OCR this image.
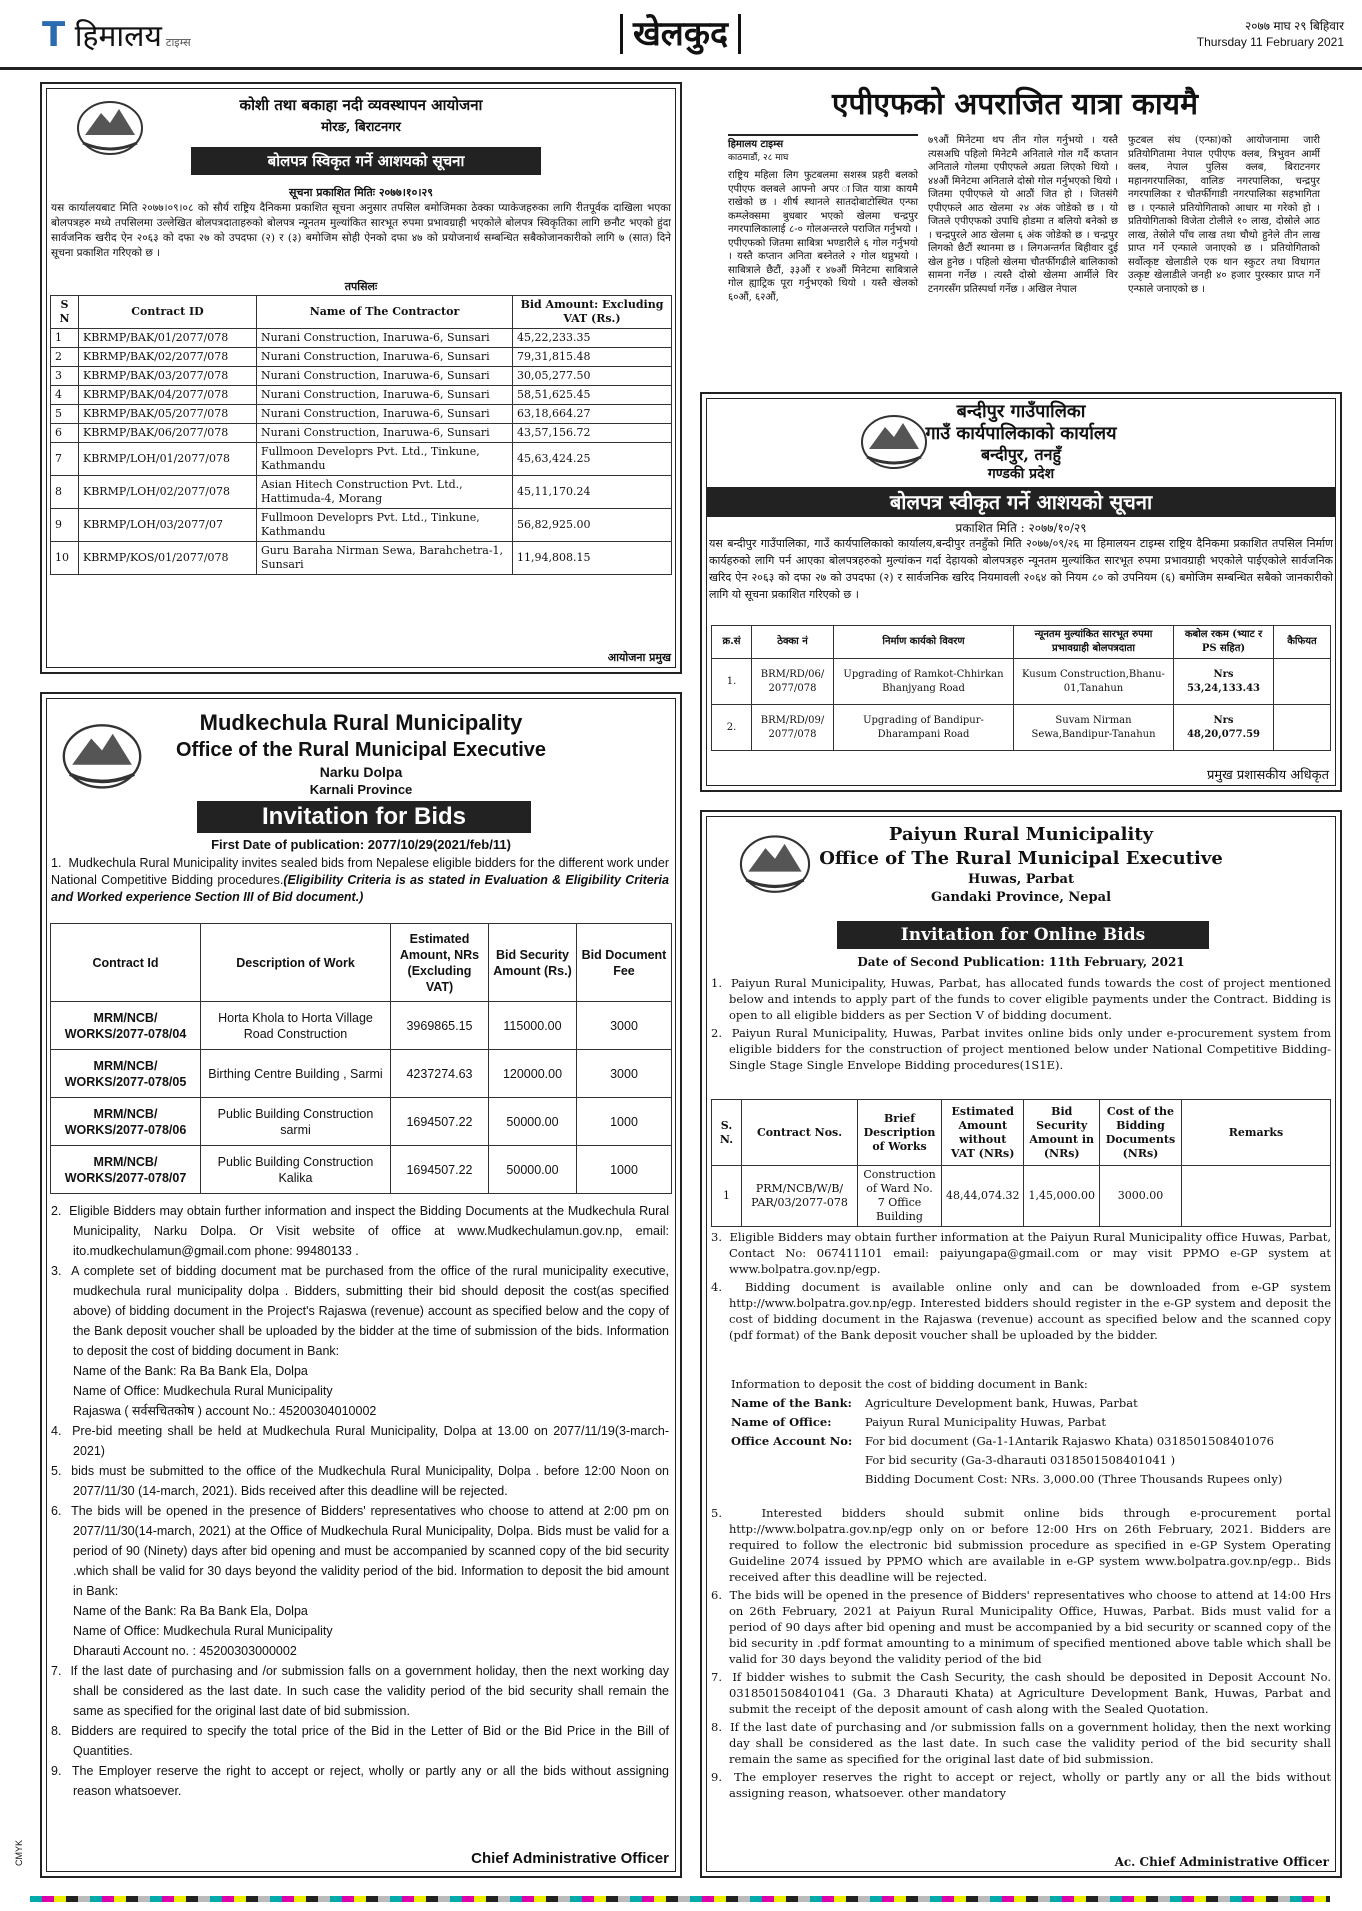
T हिमालय टाइम्स	खेलकुद	२०७७ माघ २९ बिहिवार
Thursday 11 February 2021
कोशी तथा बकाहा नदी व्यवस्थापन आयोजना
मोरङ, बिराटनगर
बोलपत्र स्विकृत गर्ने आशयको सूचना
सूचना प्रकाशित मितिः २०७७।१०।२९
यस कार्यालयबाट मिति २०७७।०९।०८ को सौर्य राष्ट्रिय दैनिकमा प्रकाशित सूचना अनुसार तपसिल बमोजिमका ठेक्का प्याकेजहरुका लागि रीतपूर्वक दाखिला भएका बोलपत्रहरु मध्ये तपसिलमा उल्लेखित बोलपत्रदाताहरुको बोलपत्र न्यूनतम मुल्यांकित सारभूत रुपमा प्रभावग्राही भएकोले बोलपत्र स्विकृतिका लागि छनौट भएको हुंदा सार्वजनिक खरीद ऐन २०६३ को दफा २७ को उपदफा (२) र (३) बमोजिम सोही ऐनको दफा ४७ को प्रयोजनार्थ सम्बन्धित सबैकोजानकारीको लागि ७ (सात) दिने सूचना प्रकाशित गरिएको छ ।
तपसिलः
S N	Contract ID	Name of The Contractor	Bid Amount: Excluding VAT (Rs.)
1	KBRMP/BAK/01/2077/078	Nurani Construction, Inaruwa-6, Sunsari	45,22,233.35
2	KBRMP/BAK/02/2077/078	Nurani Construction, Inaruwa-6, Sunsari	79,31,815.48
3	KBRMP/BAK/03/2077/078	Nurani Construction, Inaruwa-6, Sunsari	30,05,277.50
4	KBRMP/BAK/04/2077/078	Nurani Construction, Inaruwa-6, Sunsari	58,51,625.45
5	KBRMP/BAK/05/2077/078	Nurani Construction, Inaruwa-6, Sunsari	63,18,664.27
6	KBRMP/BAK/06/2077/078	Nurani Construction, Inaruwa-6, Sunsari	43,57,156.72
7	KBRMP/LOH/01/2077/078	Fullmoon Developrs Pvt. Ltd., Tinkune, Kathmandu	45,63,424.25
8	KBRMP/LOH/02/2077/078	Asian Hitech Construction Pvt. Ltd., Hattimuda-4, Morang	45,11,170.24
9	KBRMP/LOH/03/2077/07	Fullmoon Developrs Pvt. Ltd., Tinkune, Kathmandu	56,82,925.00
10	KBRMP/KOS/01/2077/078	Guru Baraha Nirman Sewa, Barahchetra-1, Sunsari	11,94,808.15
आयोजना प्रमुख
एपीएफको अपराजित यात्रा कायमै
हिमालय टाइम्स
काठमाडौं, २८ माघ
राष्ट्रिय महिला लिग फुटबलमा सशस्त्र प्रहरी बलको एपीएफ क्लबले आफ्नो अपर ाजित यात्रा कायमै राखेको छ । शीर्ष स्थानले सातदोबाटोस्थित एन्फा कम्प्लेक्समा बुधबार भएको खेलमा चन्द्रपुर नगरपालिकालाई ८-० गोलअन्तरले पराजित गर्नुभयो । एपीएफको जितमा साबित्रा भण्डारीले ६ गोल गर्नुभयो । यस्तै कप्तान अनिता बस्नेतले २ गोल थप्नुभयो । साबित्राले छैटौं, ३३औं र ४७औं मिनेटमा साबित्राले गोल ह्याट्रिक पूरा गर्नुभएको थियो । यस्तै खेलको ६०औं, ६२औं,
७९औं मिनेटमा थप तीन गोल गर्नुभयो । यस्तै त्यसअघि पहिलो मिनेटमै अनिताले गोल गर्दै कप्तान अनिताले गोलमा एपीएफले अग्रता लिएको थियो । ४४औं मिनेटमा अनिताले दोस्रो गोल गर्नुभएको थियो । जितमा एपीएफले यो आठौं जित हो । जितसंगै एपीएफले आठ खेलमा २४ अंक जोडेको छ । यो जितले एपीएफको उपाधि होडमा त बलियो बनेको छ । चन्द्रपुरले आठ खेलमा ६ अंक जोडेको छ । चन्द्रपुर लिगको छैटौं स्थानमा छ । लिगअन्तर्गत बिहीवार दुई खेल हुनेछ । पहिलो खेलमा चौतर्फीगढीले बालिकाको सामना गर्नेछ । त्यस्तै दोस्रो खेलमा आर्मीले विर टनगरसँग प्रतिस्पर्धा गर्नेछ । अखिल नेपाल
फुटबल संघ (एन्फा)को आयोजनामा जारी प्रतियोगितामा नेपाल एपीएफ क्लब, त्रिभुवन आर्मी क्लब, नेपाल पुलिस क्लब, बिराटनगर महानगरपालिका, वालिङ नगरपालिका, चन्द्रपुर नगरपालिका र चौतर्फीगाडी नगरपालिका सहभागिता छ । एन्फाले प्रतियोगिताको आधार मा गरेको हो । प्रतियोगिताको विजेता टोलीले १० लाख, दोस्रोले आठ लाख, तेस्रोले पाँच लाख तथा चौथो हुनेले तीन लाख प्राप्त गर्ने एन्फाले जनाएको छ । प्रतियोगिताको सर्वोत्कृष्ट खेलाडीले एक थान स्कुटर तथा विधागत उत्कृष्ट खेलाडीले जनही ४० हजार पुरस्कार प्राप्त गर्ने एन्फाले जनाएको छ ।
बन्दीपुर गाउँपालिका
गाउँ कार्यपालिकाको कार्यालय
बन्दीपुर, तनहुँ
गण्डकी प्रदेश
बोलपत्र स्वीकृत गर्ने आशयको सूचना
प्रकाशित मिति : २०७७/१०/२९
यस बन्दीपुर गाउँपालिका, गाउँ कार्यपालिकाको कार्यालय,बन्दीपुर तनहुँको मिति २०७७/०९/२६ मा हिमालयन टाइम्स राष्ट्रिय दैनिकमा प्रकाशित तपसिल निर्माण कार्यहरुको लागि पर्न आएका बोलपत्रहरुको मुल्यांकन गर्दा देहायको बोलपत्रहरु न्यूनतम मुल्यांकित सारभूत रुपमा प्रभावग्राही भएकोले पाईएकोले सार्वजनिक खरिद ऐन २०६३ को दफा २७ को उपदफा (२) र सार्वजनिक खरिद नियमावली २०६४ को नियम ८० को उपनियम (६) बमोजिम सम्बन्धित सबैको जानकारीको लागि यो सूचना प्रकाशित गरिएको छ ।
क्र.सं	ठेक्का नं	निर्माण कार्यको विवरण	न्यूनतम मुल्यांकित सारभूत रुपमा प्रभावग्राही बोलपत्रदाता	कबोल रकम (भ्याट र PS सहित)	कैफियत
1.	BRM/RD/06/ 2077/078	Upgrading of Ramkot-Chhirkan Bhanjyang Road	Kusum Construction,Bhanu-01,Tanahun	Nrs 53,24,133.43	
2.	BRM/RD/09/ 2077/078	Upgrading of Bandipur-Dharampani Road	Suvam Nirman Sewa,Bandipur-Tanahun	Nrs 48,20,077.59	
प्रमुख प्रशासकीय अधिकृत
Mudkechula Rural Municipality
Office of the Rural Municipal Executive
Narku Dolpa
Karnali Province
Invitation for Bids
First Date of publication: 2077/10/29(2021/feb/11)
1.  Mudkechula Rural Municipality invites sealed bids from Nepalese eligible bidders for the different work under National Competitive Bidding procedures.(Eligibility Criteria is as stated in Evaluation & Eligibility Criteria and Worked experience Section III of Bid document.)
Contract Id	Description of Work	Estimated Amount, NRs (Excluding VAT)	Bid Security Amount (Rs.)	Bid Document Fee
MRM/NCB/ WORKS/2077-078/04	Horta Khola to Horta Village Road Construction	3969865.15	115000.00	3000
MRM/NCB/ WORKS/2077-078/05	Birthing Centre Building , Sarmi	4237274.63	120000.00	3000
MRM/NCB/ WORKS/2077-078/06	Public Building Construction sarmi	1694507.22	50000.00	1000
MRM/NCB/ WORKS/2077-078/07	Public Building Construction Kalika	1694507.22	50000.00	1000
2.  Eligible Bidders may obtain further information and inspect the Bidding Documents at the Mudkechula Rural Municipality, Narku Dolpa. Or Visit website of office at www.Mudkechulamun.gov.np, email: ito.mudkechulamun@gmail.com phone: 99480133 .
3.  A complete set of bidding document mat be purchased from the office of the rural municipality executive, mudkechula rural municipality dolpa . Bidders, submitting their bid should deposit the cost(as specified above) of bidding document in the Project's Rajaswa (revenue) account as specified below and the copy of the Bank deposit voucher shall be uploaded by the bidder at the time of submission of the bids. Information to deposit the cost of bidding document in Bank:
Name of the Bank: Ra Ba Bank Ela, Dolpa
Name of Office: Mudkechula Rural Municipality
Rajaswa ( सर्वसचितकोष ) account No.: 45200304010002
4.  Pre-bid meeting shall be held at Mudkechula Rural Municipality, Dolpa at 13.00 on 2077/11/19(3-march-2021)
5.  bids must be submitted to the office of the Mudkechula Rural Municipality, Dolpa . before 12:00 Noon on 2077/11/30 (14-march, 2021). Bids received after this deadline will be rejected.
6.  The bids will be opened in the presence of Bidders' representatives who choose to attend at 2:00 pm on 2077/11/30(14-march, 2021) at the Office of Mudkechula Rural Municipality, Dolpa. Bids must be valid for a period of 90 (Ninety) days after bid opening and must be accompanied by scanned copy of the bid security .which shall be valid for 30 days beyond the validity period of the bid. Information to deposit the bid amount in Bank:
Name of the Bank: Ra Ba Bank Ela, Dolpa
Name of Office: Mudkechula Rural Municipality
Dharauti Account no. : 45200303000002
7.  If the last date of purchasing and /or submission falls on a government holiday, then the next working day shall be considered as the last date. In such case the validity period of the bid security shall remain the same as specified for the original last date of bid submission.
8.  Bidders are required to specify the total price of the Bid in the Letter of Bid or the Bid Price in the Bill of Quantities.
9.  The Employer reserve the right to accept or reject, wholly or partly any or all the bids without assigning reason whatsoever.
Chief Administrative Officer
Paiyun Rural Municipality
Office of The Rural Municipal Executive
Huwas, Parbat
Gandaki Province, Nepal
Invitation for Online Bids
Date of Second Publication: 11th February, 2021
1.  Paiyun Rural Municipality, Huwas, Parbat, has allocated funds towards the cost of project mentioned below and intends to apply part of the funds to cover eligible payments under the Contract. Bidding is open to all eligible bidders as per Section V of bidding document.
2.  Paiyun Rural Municipality, Huwas, Parbat invites online bids only under e-procurement system from eligible bidders for the construction of project mentioned below under National Competitive Bidding-Single Stage Single Envelope Bidding procedures(1S1E).
S. N.	Contract Nos.	Brief Description of Works	Estimated Amount without VAT (NRs)	Bid Security Amount in (NRs)	Cost of the Bidding Documents (NRs)	Remarks
1	PRM/NCB/W/B/ PAR/03/2077-078	Construction of Ward No. 7 Office Building	48,44,074.32	1,45,000.00	3000.00	
3.  Eligible Bidders may obtain further information at the Paiyun Rural Municipality office Huwas, Parbat, Contact No: 067411101 email: paiyungapa@gmail.com or may visit PPMO e-GP system at www.bolpatra.gov.np/egp.
4.  Bidding document is available online only and can be downloaded from e-GP system http://www.bolpatra.gov.np/egp. Interested bidders should register in the e-GP system and deposit the cost of bidding document in the Rajaswa (revenue) account as specified below and the scanned copy (pdf format) of the Bank deposit voucher shall be uploaded by the bidder.
Information to deposit the cost of bidding document in Bank:
Name of the Bank: Agriculture Development bank, Huwas, Parbat
Name of Office:	Paiyun Rural Municipality Huwas, Parbat
Office Account No: For bid document (Ga-1-1Antarik Rajaswo Khata) 0318501508401076
For bid security (Ga-3-dharauti 0318501508401041 )
Bidding Document Cost: NRs. 3,000.00 (Three Thousands Rupees only)
5.  Interested bidders should submit online bids through e-procurement portal http://www.bolpatra.gov.np/egp only on or before 12:00 Hrs on 26th February, 2021. Bidders are required to follow the electronic bid submission procedure as specified in e-GP System Operating Guideline 2074 issued by PPMO which are available in e-GP system www.bolpatra.gov.np/egp.. Bids received after this deadline will be rejected.
6.  The bids will be opened in the presence of Bidders' representatives who choose to attend at 14:00 Hrs on 26th February, 2021 at Paiyun Rural Municipality Office, Huwas, Parbat. Bids must valid for a period of 90 days after bid opening and must be accompanied by a bid security or scanned copy of the bid security in .pdf format amounting to a minimum of specified mentioned above table which shall be valid for 30 days beyond the validity period of the bid
7.  If bidder wishes to submit the Cash Security, the cash should be deposited in Deposit Account No. 0318501508401041 (Ga. 3 Dharauti Khata) at Agriculture Development Bank, Huwas, Parbat and submit the receipt of the deposit amount of cash along with the Sealed Quotation.
8.  If the last date of purchasing and /or submission falls on a government holiday, then the next working day shall be considered as the last date. In such case the validity period of the bid security shall remain the same as specified for the original last date of bid submission.
9.  The employer reserves the right to accept or reject, wholly or partly any or all the bids without assigning reason, whatsoever. other mandatory
Ac. Chief Administrative Officer
CMYK
